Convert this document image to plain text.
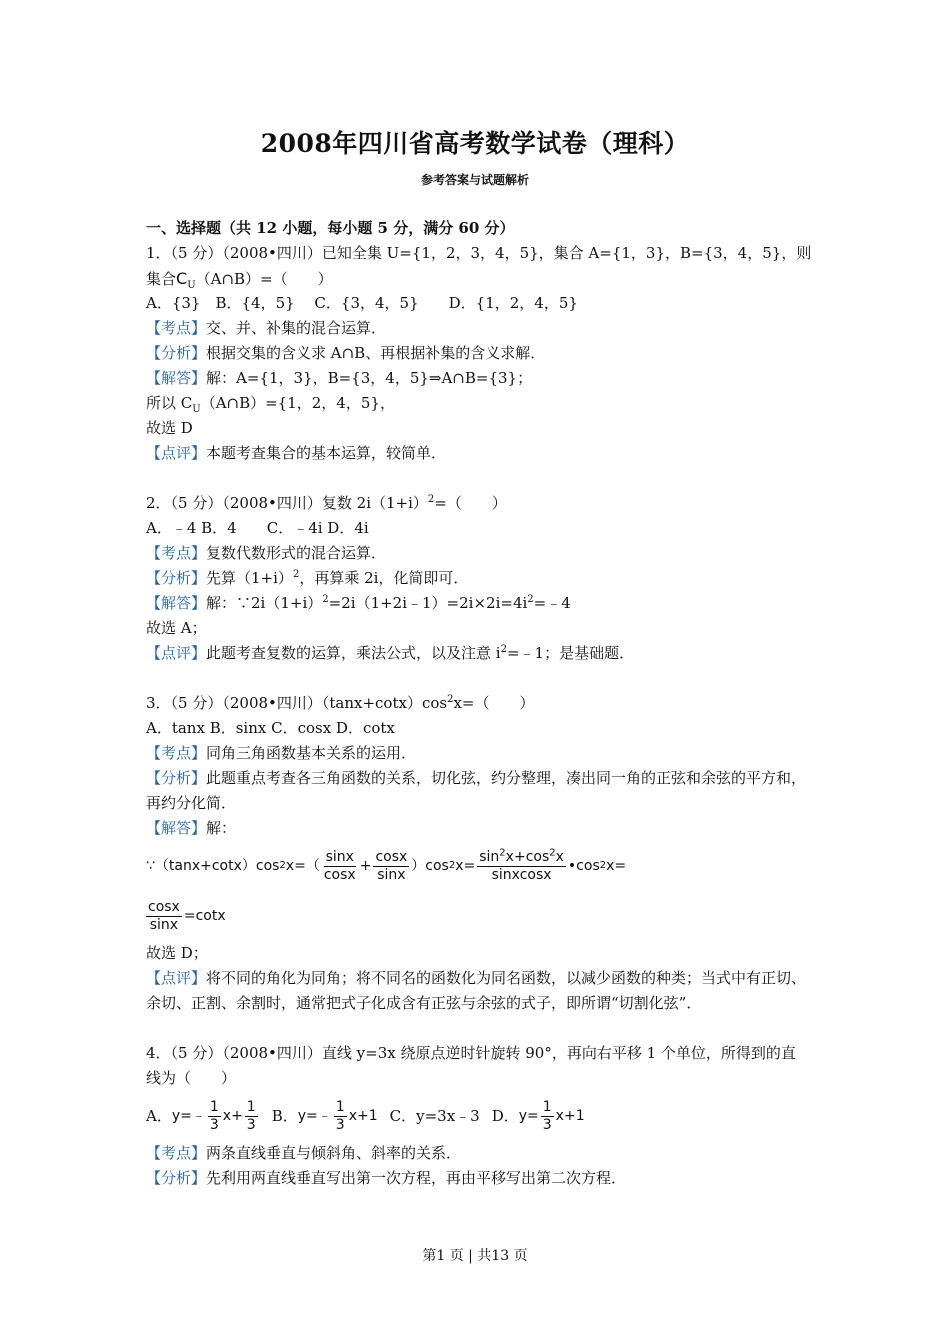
2008年四川省高考数学试卷（理科）
参考答案与试题解析
一、选择题（共 12 小题，每小题 5 分，满分 60 分）
1．（5 分）（2008•四川）已知全集 U={1，2，3，4，5}，集合 A={1，3}，B={3，4，5}，则
集合$C_U(A\cap B)=$（　　）
A．{3}　B．{4，5}　 C．{3，4，5}　　D．{1，2，4，5}
【考点】交、并、补集的混合运算．
【分析】根据交集的含义求 A∩B、再根据补集的含义求解．
【解答】解：A={1，3}，B={3，4，5}⇒A∩B={3}；
所以 $C_U(A\cap B)=\{1$，2，4，5}，
故选 D
【点评】本题考查集合的基本运算，较简单．
2．（5 分）（2008•四川）复数 $2i(1+i)^2=$（　　）
A．﹣4 B．4　　C．﹣4i D．4i
【考点】复数代数形式的混合运算．
【分析】先算$(1+i)^2$，再算乘 2i，化简即可．
【解答】解：$\because 2i(1+i)^2=2i(1+2i﹣1)=2i\times 2i=4i^2=﹣4$
故选 A；
【点评】此题考查复数的运算，乘法公式，以及注意 $i^2=﹣1$；是基础题．
3．（5 分）（2008•四川）$(\tan x+\cot x)\cos^2x=$（　　）
A．tanx B．sinx C．cosx D．cotx
【考点】同角三角函数基本关系的运用．
【分析】此题重点考查各三角函数的关系，切化弦，约分整理，凑出同一角的正弦和余弦的平方和，再约分化简．
【解答】解：
∵（tanx+cotx）cos 2 $x=( \frac{\sin x}{\cos x} + \frac{\cos x}{\sin x} )\cos$ 2 $x= \frac{\sin^2x+\cos^2x}{\text{sinxcosx}}$ •cos 2 x=
$\frac{\cos x}{\sin x} =\cot x$
故选 D；
【点评】将不同的角化为同角；将不同名的函数化为同名函数，以减少函数的种类；当式中有正切、余切、正割、余割时，通常把式子化成含有正弦与余弦的式子，即所谓“切割化弦”．
4．（5 分）（2008•四川）直线 y=3x 绕原点逆时针旋转 90°，再向右平移 1 个单位，所得到的直线为（　　）
A． y=﹣ $\frac{1}{3} x+ \frac{1}{3}$ B． y=﹣ $\frac{1}{3} x+1$ C．y=3x﹣3 D． $y= \frac{1}{3} x+1$
【考点】两条直线垂直与倾斜角、斜率的关系．
【分析】先利用两直线垂直写出第一次方程，再由平移写出第二次方程．
第1 页 | 共13 页
